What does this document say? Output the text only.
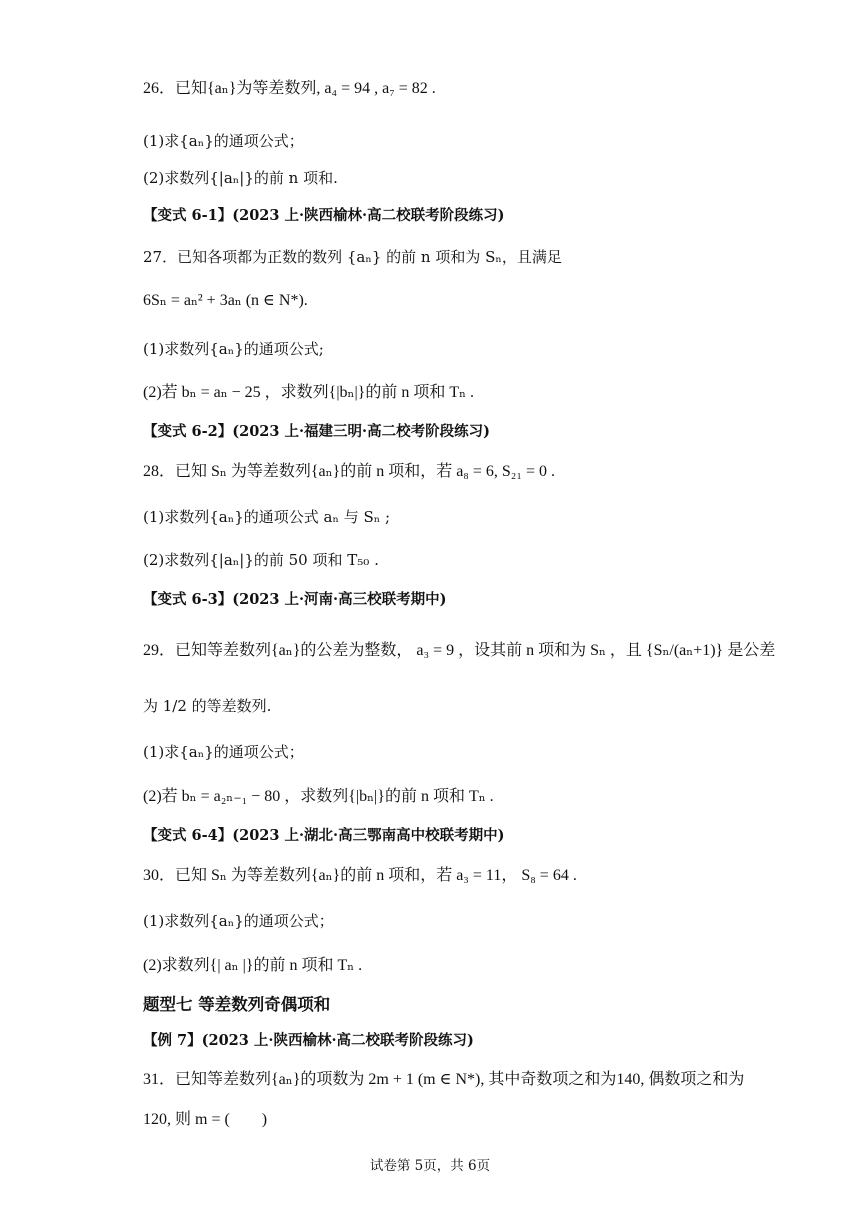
26．已知{aₙ}为等差数列, a₄ = 94 , a₇ = 82 .
(1)求{aₙ}的通项公式；
(2)求数列{|aₙ|}的前 n 项和.
【变式 6-1】(2023 上·陕西榆林·高二校联考阶段练习)
27．已知各项都为正数的数列 {aₙ} 的前 n 项和为 Sₙ，且满足
6Sₙ = aₙ² + 3aₙ (n ∈ N*).
(1)求数列{aₙ}的通项公式;
(2)若 bₙ = aₙ − 25 ，求数列{|bₙ|}的前 n 项和 Tₙ .
【变式 6-2】(2023 上·福建三明·高二校考阶段练习)
28．已知 Sₙ 为等差数列{aₙ}的前 n 项和，若 a₈ = 6, S₂₁ = 0 .
(1)求数列{aₙ}的通项公式 aₙ 与 Sₙ ;
(2)求数列{|aₙ|}的前 50 项和 T₅₀ .
【变式 6-3】(2023 上·河南·高三校联考期中)
29．已知等差数列{aₙ}的公差为整数， a₃ = 9 ，设其前 n 项和为 Sₙ ，且 {Sₙ/(aₙ+1)} 是公差
为 1/2 的等差数列.
(1)求{aₙ}的通项公式；
(2)若 bₙ = a₂ₙ₋₁ − 80 ，求数列{|bₙ|}的前 n 项和 Tₙ .
【变式 6-4】(2023 上·湖北·高三鄂南高中校联考期中)
30．已知 Sₙ 为等差数列{aₙ}的前 n 项和，若 a₃ = 11， S₈ = 64 .
(1)求数列{aₙ}的通项公式；
(2)求数列{| aₙ |}的前 n 项和 Tₙ .
题型七 等差数列奇偶项和
【例 7】(2023 上·陕西榆林·高二校联考阶段练习)
31．已知等差数列{aₙ}的项数为 2m + 1 (m ∈ N*), 其中奇数项之和为140, 偶数项之和为
120, 则 m = (　　)
试卷第 5页，共 6页
